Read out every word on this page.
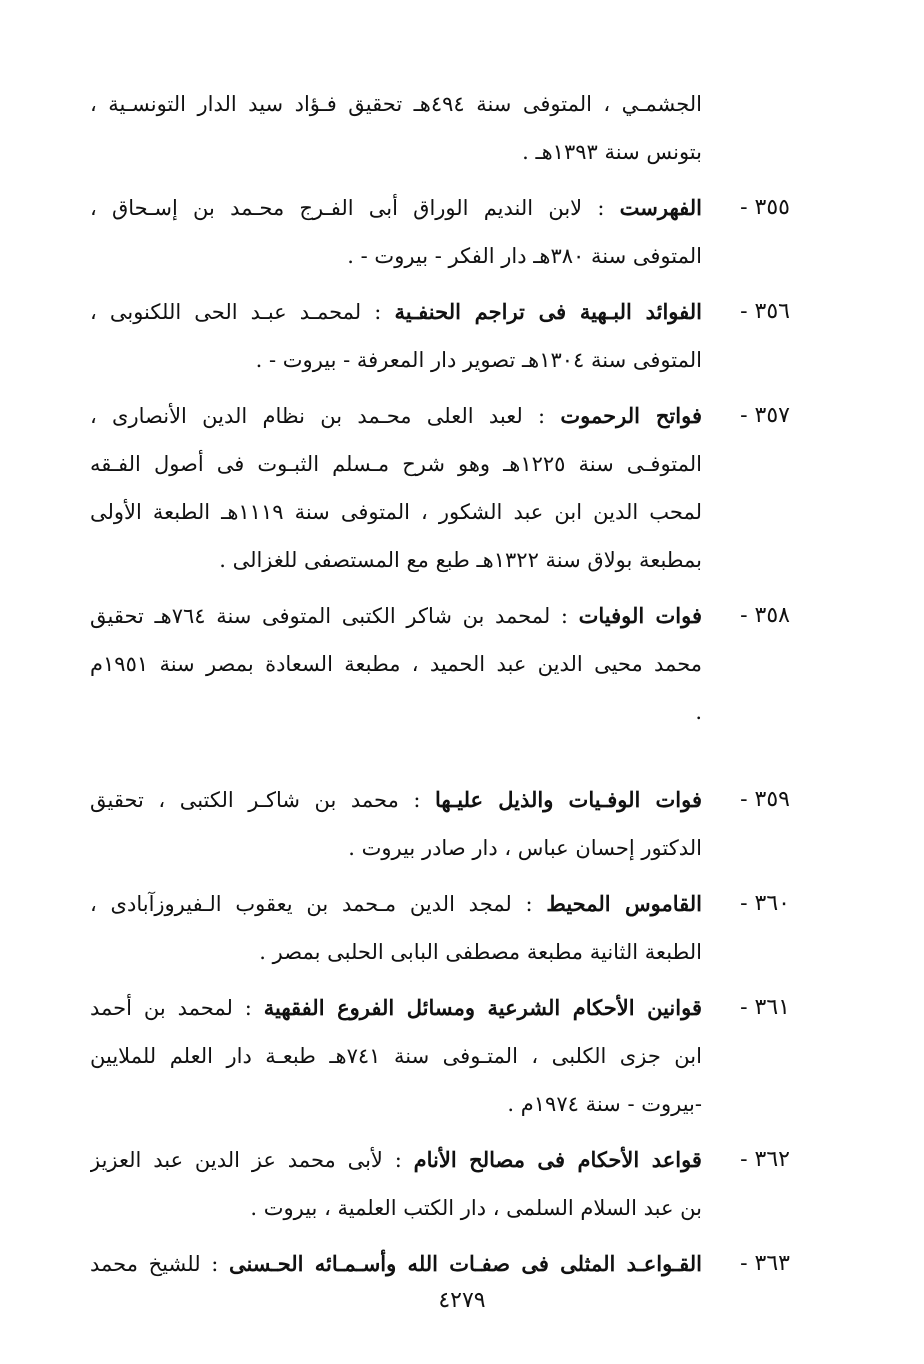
الجشمـي ، المتوفى سنة ٤٩٤هـ تحقيق فـؤاد سيد الدار التونسـية ،
بتونس سنة ١٣٩٣هـ .
٣٥٥ -
الفهرست : لابن النديم الوراق أبى الفـرج محـمد بن إسـحاق ،
المتوفى سنة ٣٨٠هـ دار الفكر - بيروت - .
٣٥٦ -
الفوائد البـهية فى تراجم الحنفـية : لمحمـد عبـد الحى اللكنوبى ،
المتوفى سنة ١٣٠٤هـ تصوير دار المعرفة - بيروت - .
٣٥٧ -
فواتح الرحموت : لعبد العلى محـمد بن نظام الدين الأنصارى ،
المتوفـى سنة ١٢٢٥هـ وهو شرح مـسلم الثبـوت فى أصول الفـقه
لمحب الدين ابن عبد الشكور ، المتوفى سنة ١١١٩هـ الطبعة الأولى
بمطبعة بولاق سنة ١٣٢٢هـ طبع مع المستصفى للغزالى .
٣٥٨ -
فوات الوفيات : لمحمد بن شاكر الكتبى المتوفى سنة ٧٦٤هـ تحقيق
محمد محيى الدين عبد الحميد ، مطبعة السعادة بمصر سنة ١٩٥١م
.
٣٥٩ -
فوات الوفـيات والذيل عليـها : محمد بن شاكـر الكتبى ، تحقيق
الدكتور إحسان عباس ، دار صادر بيروت .
٣٦٠ -
القاموس المحيط : لمجد الدين مـحمد بن يعقوب الـفيروزآبادى ،
الطبعة الثانية مطبعة مصطفى البابى الحلبى بمصر .
٣٦١ -
قوانين الأحكام الشرعية ومسائل الفروع الفقهية : لمحمد بن أحمد
ابن جزى الكلبى ، المتـوفى سنة ٧٤١هـ طبعـة دار العلم للملايين
-بيروت - سنة ١٩٧٤م .
٣٦٢ -
قواعد الأحكام فى مصالح الأنام : لأبى محمد عز الدين عبد العزيز
بن عبد السلام السلمى ، دار الكتب العلمية ، بيروت .
٣٦٣ -
القـواعـد المثلى فى صفـات الله وأسـمـائه الحـسنى : للشيخ محمد
٤٢٧٩
